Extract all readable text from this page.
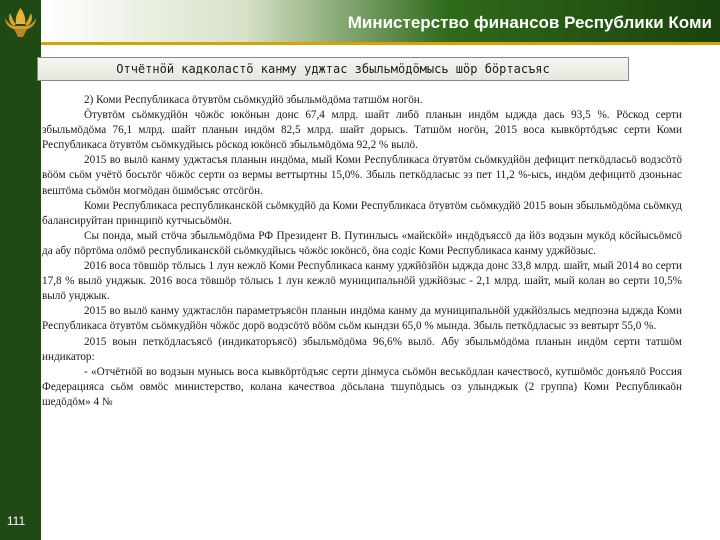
111
Министерство финансов Республики Коми
Отчётнӧй кадколастӧ канму уджтас збыльмӧдӧмысь шӧр бӧртасъяс

2) Коми Республикаса ӧтувтӧм сьӧмкудйӧ збыльмӧдӧма татшӧм ногӧн.

Ӧтувтӧм сьӧмкудйӧн чӧжӧс юкӧнын донс 67,4 млрд. шайт либӧ планын индӧм ыджда дась 93,5 %. Рӧскод серти збыльмӧдӧма 76,1 млрд. шайт планын индӧм 82,5 млрд. шайт дорысь. Татшӧм ногӧн, 2015 воса кывкӧртӧдъяс серти Коми Республикаса ӧтувтӧм сьӧмкудйысь рӧскод юкӧнсӧ збыльмӧдӧма 92,2 % вылӧ.

2015 во вылӧ канму уджтасъя планын индӧма, мый Коми Республикаса ӧтувтӧм сьӧмкудйӧн дефицит петкӧдласьӧ водзсӧтӧ вӧӧм сьӧм учётӧ босьтӧг чӧжӧс серти оз вермы веттыртны 15,0%. Збыль петкӧдласыс эз пет 11,2 %-ысь, индӧм дефицитӧ дзоньнас вештӧма сьӧмӧн могмӧдан ӧшмӧсъяс отсӧгӧн.

Коми Республикаса республиканскӧй сьӧмкудйӧ да Коми Республикаса ӧтувтӧм сьӧмкудйӧ 2015 воын збыльмӧдӧма сьӧмкуд балансируйтан принципӧ кутчысьӧмӧн.

Сы понда, мый стӧча збыльмӧдӧма РФ Президент В. Путинлысь «майскӧй» индӧдъяссӧ да йӧз водзын мукӧд кӧсйысьӧмсӧ да абу пӧртӧма олӧмӧ республиканскӧй сьӧмкудйысь чӧжӧс юкӧнсӧ, ӧна содіс Коми Республикаса канму уджйӧзыс.

2016 воса тӧвшӧр тӧлысь 1 лун кежлӧ Коми Республикаса канму уджйӧзйӧн ыджда донс 33,8 млрд. шайт, мый 2014 во серти 17,8 % вылӧ унджык. 2016 воса тӧвшӧр тӧлысь 1 лун кежлӧ муниципальнӧй уджйӧзыс - 2,1 млрд. шайт, мый колан во серти 10,5% вылӧ унджык.

2015 во вылӧ канму уджтаслӧн параметръясӧн планын индӧма канму да муниципальнӧй уджйӧзлысь медпоэна ыджда Коми Республикаса ӧтувтӧм сьӧмкудйӧн чӧжӧс дорӧ водзсӧтӧ вӧӧм сьӧм кындзи 65,0 % мында. Збыль петкӧдласыс эз вевтырт 55,0 %.

2015 воын петкӧдласъясӧ (индикаторъясӧ) збыльмӧдӧма 96,6% вылӧ. Абу збыльмӧдӧма планын индӧм серти татшӧм индикатор:

- «Отчётнӧй во водзын мунысь воса кывкӧртӧдъяс серти дінмуса сьӧмӧн веськӧдлан качествосӧ, кутшӧмӧс донъялӧ Россия Федерацияса сьӧм овмӧс министерство, колана качествоа дӧсьлана тшупӧдысь оз улынджык (2 группа) Коми Республикаӧн шедӧдӧм» 4 №
